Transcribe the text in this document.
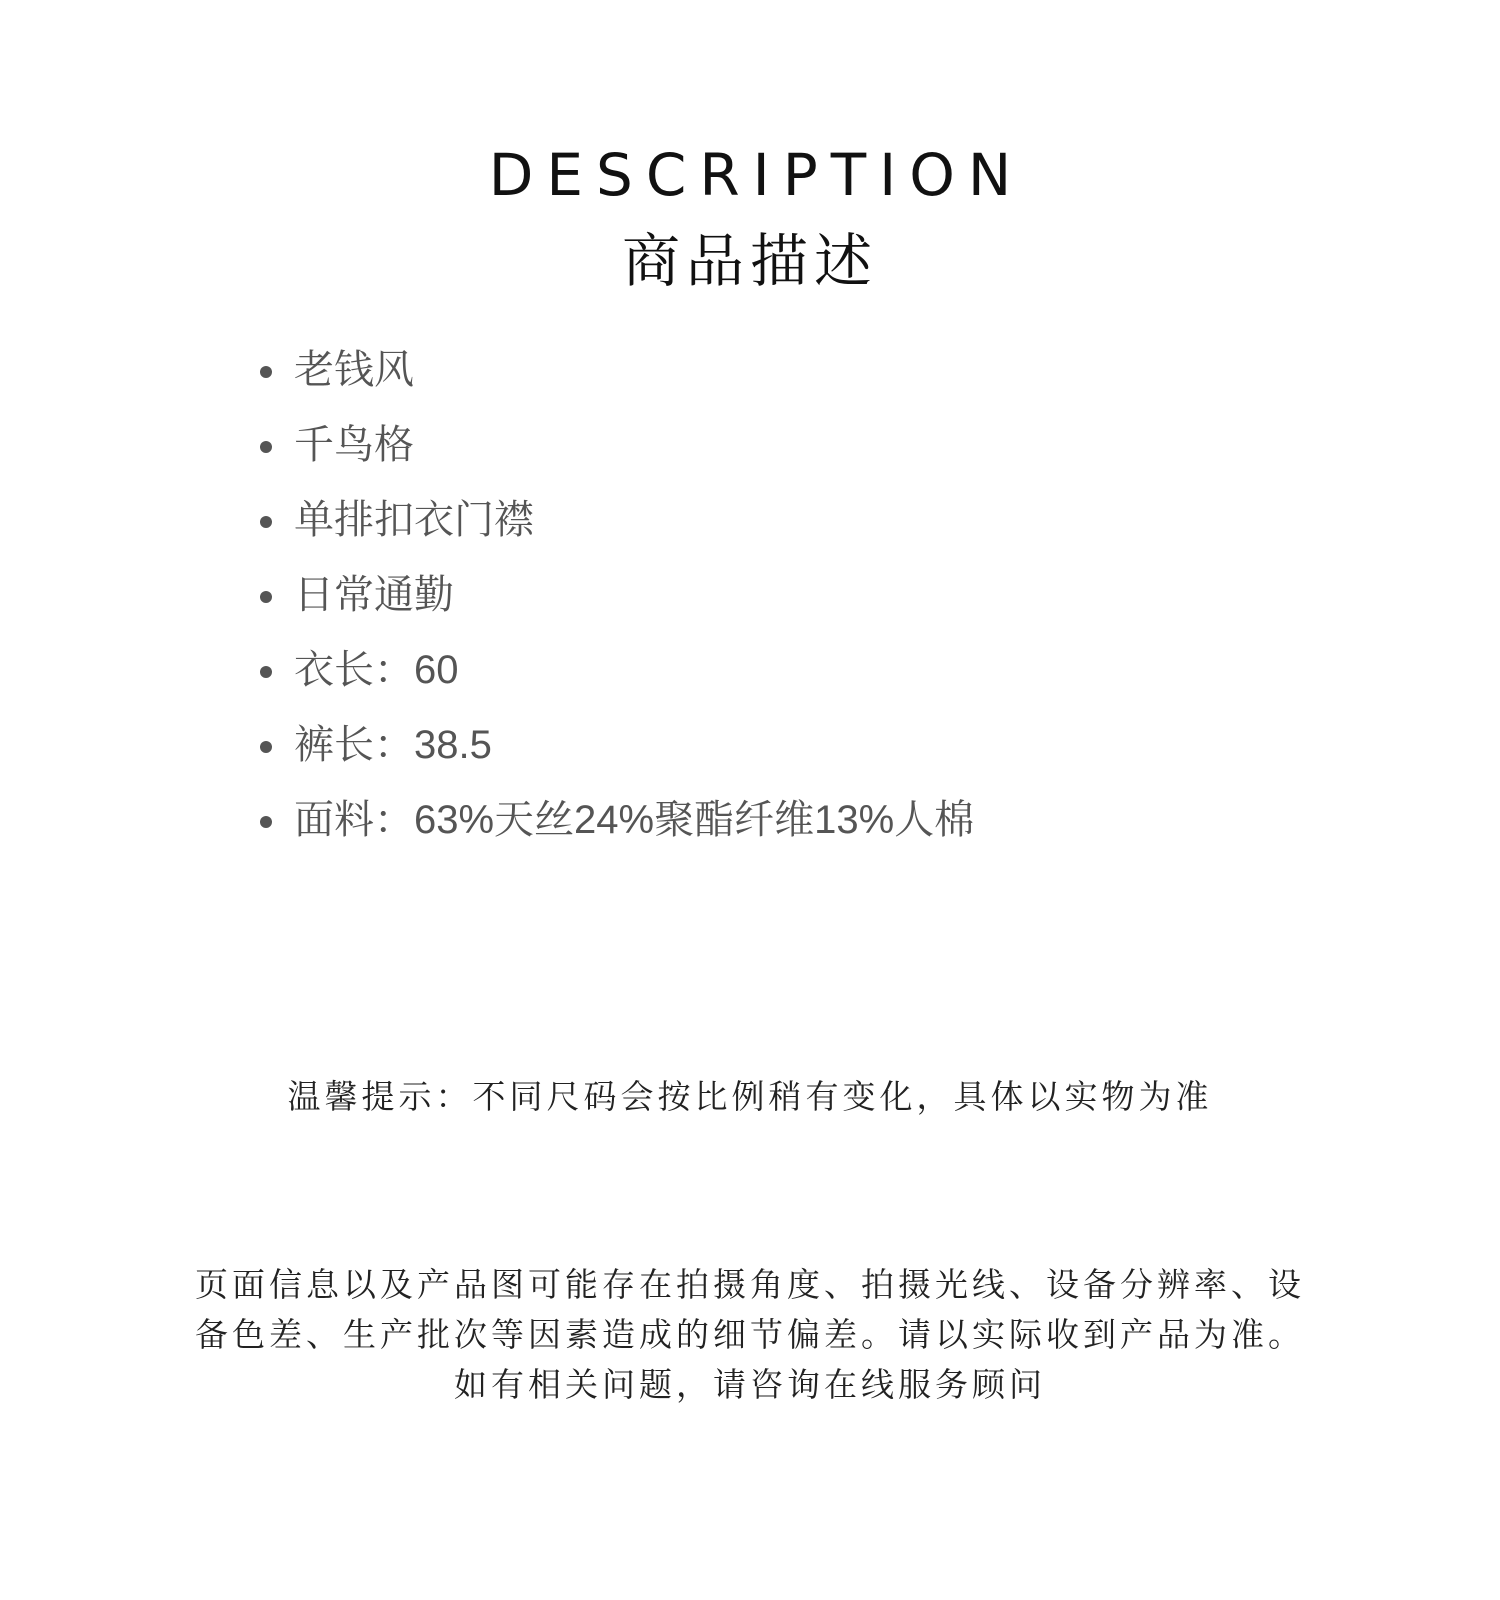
DESCRIPTION
商品描述
老钱风
千鸟格
单排扣衣门襟
日常通勤
衣长：60
裤长：38.5
面料：63%天丝24%聚酯纤维13%人棉
温馨提示：不同尺码会按比例稍有变化，具体以实物为准
页面信息以及产品图可能存在拍摄角度、拍摄光线、设备分辨率、设
备色差、生产批次等因素造成的细节偏差。请以实际收到产品为准。
如有相关问题，请咨询在线服务顾问
